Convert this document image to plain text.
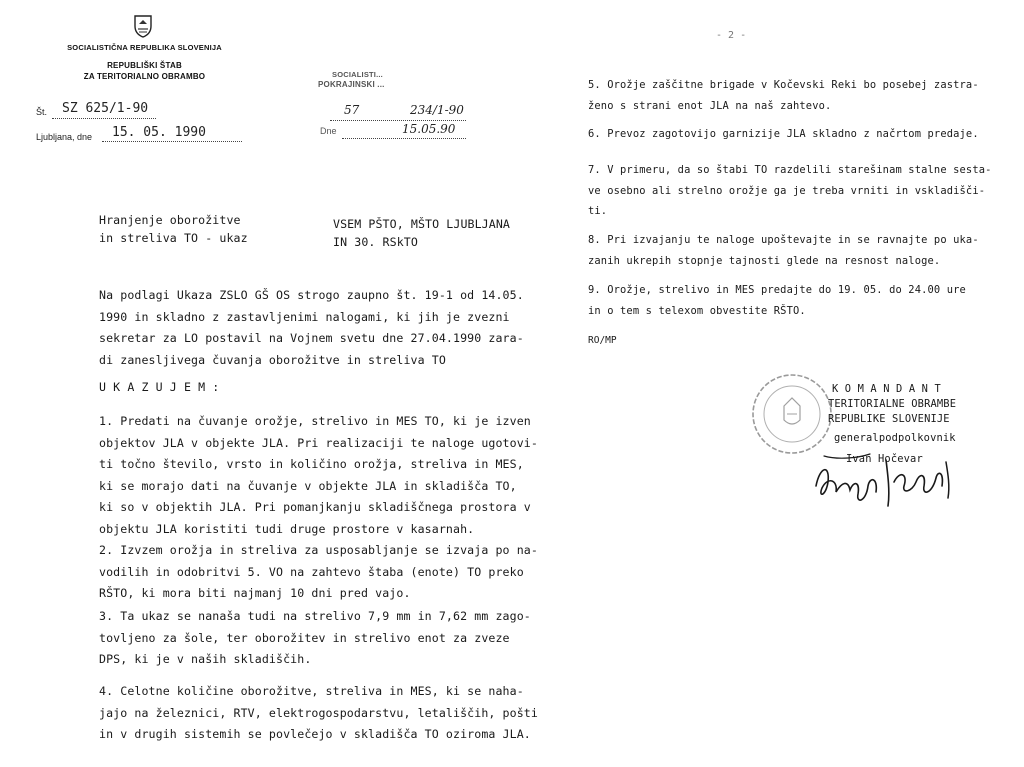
SOCIALISTIČNA REPUBLIKA SLOVENIJA
REPUBLIŠKI ŠTAB
ZA TERITORIALNO OBRAMBO
Št. SZ 625/1-90
Ljubljana, dne 15. 05. 1990
SOCIALISTI...
POKRAJINSKI ...
57	234/1-90
Dne	15.05.90
- 2 -
Hranjenje oborožitve
in streliva TO - ukaz
VSEM PŠTO, MŠTO LJUBLJANA
IN 30. RSkTO
Na podlagi Ukaza ZSLO GŠ OS strogo zaupno št. 19-1 od 14.05.
1990 in skladno z zastavljenimi nalogami, ki jih je zvezni
sekretar za LO postavil na Vojnem svetu dne 27.04.1990 zara-
di zanesljivega čuvanja oborožitve in streliva TO
U K A Z U J E M :
1. Predati na čuvanje orožje, strelivo in MES TO, ki je izven
objektov JLA v objekte JLA. Pri realizaciji te naloge ugotovi-
ti točno število, vrsto in količino orožja, streliva in MES,
ki se morajo dati na čuvanje v objekte JLA in skladišča TO,
ki so v objektih JLA. Pri pomanjkanju skladiščnega prostora v
objektu JLA koristiti tudi druge prostore v kasarnah.
2. Izvzem orožja in streliva za usposabljanje se izvaja po na-
vodilih in odobritvi 5. VO na zahtevo štaba (enote) TO preko
RŠTO, ki mora biti najmanj 10 dni pred vajo.
3. Ta ukaz se nanaša tudi na strelivo 7,9 mm in 7,62 mm zago-
tovljeno za šole, ter oborožitev in strelivo enot za zveze
DPS, ki je v naših skladiščih.
4. Celotne količine oborožitve, streliva in MES, ki se naha-
jajo na železnici, RTV, elektrogospodarstvu, letališčih, pošti
in v drugih sistemih se povlečejo v skladišča TO oziroma JLA.
5. Orožje zaščitne brigade v Kočevski Reki bo posebej zastra-
ženo s strani enot JLA na naš zahtevo.
6. Prevoz zagotovijo garnizije JLA skladno z načrtom predaje.
7. V primeru, da so štabi TO razdelili starešinam stalne sesta-
ve osebno ali strelno orožje ga je treba vrniti in vskladišči-
ti.
8. Pri izvajanju te naloge upoštevajte in se ravnajte po uka-
zanih ukrepih stopnje tajnosti glede na resnost naloge.
9. Orožje, strelivo in MES predajte do 19. 05. do 24.00 ure
in o tem s telexom obvestite RŠTO.
RO/MP
K O M A N D A N T
TERITORIALNE OBRAMBE
REPUBLIKE SLOVENIJE
generalpodpolkovnik
Ivan Hočevar
